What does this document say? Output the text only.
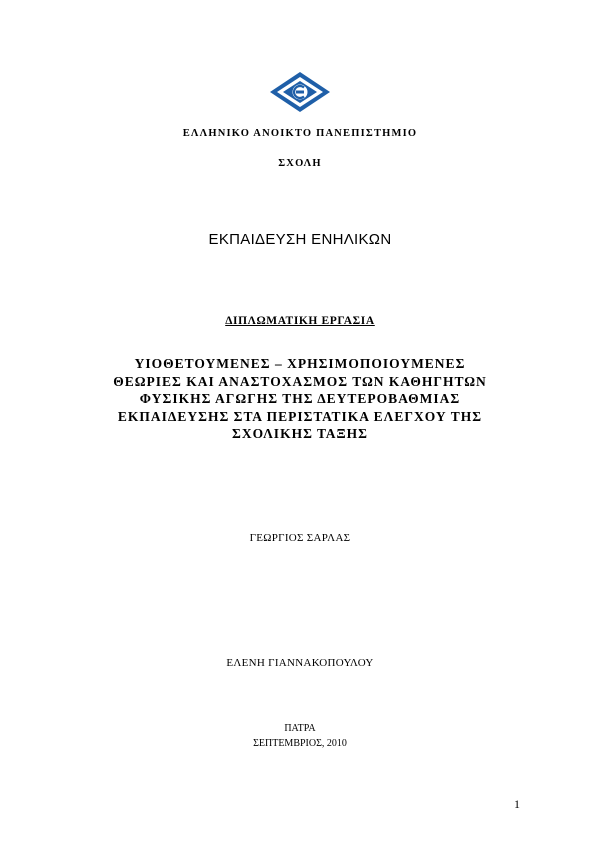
ΕΛΛΗΝΙΚΟ ΑΝΟΙΚΤΟ ΠΑΝΕΠΙΣΤΗΜΙΟ
ΣΧΟΛΗ
ΕΚΠΑΙΔΕΥΣΗ ΕΝΗΛΙΚΩΝ
ΔΙΠΛΩΜΑΤΙΚΗ ΕΡΓΑΣΙΑ
ΥΙΟΘΕΤΟΥΜΕΝΕΣ – ΧΡΗΣΙΜΟΠΟΙΟΥΜΕΝΕΣ
ΘΕΩΡΙΕΣ ΚΑΙ ΑΝΑΣΤΟΧΑΣΜΟΣ ΤΩΝ ΚΑΘΗΓΗΤΩΝ
ΦΥΣΙΚΗΣ ΑΓΩΓΗΣ ΤΗΣ ΔΕΥΤΕΡΟΒΑΘΜΙΑΣ
ΕΚΠΑΙΔΕΥΣΗΣ ΣΤΑ ΠΕΡΙΣΤΑΤΙΚΑ ΕΛΕΓΧΟΥ ΤΗΣ
ΣΧΟΛΙΚΗΣ ΤΑΞΗΣ
ΓΕΩΡΓΙΟΣ ΣΑΡΛΑΣ
ΕΛΕΝΗ ΓΙΑΝΝΑΚΟΠΟΥΛΟΥ
ΠΑΤΡΑ
ΣΕΠΤΕΜΒΡΙΟΣ, 2010
1
